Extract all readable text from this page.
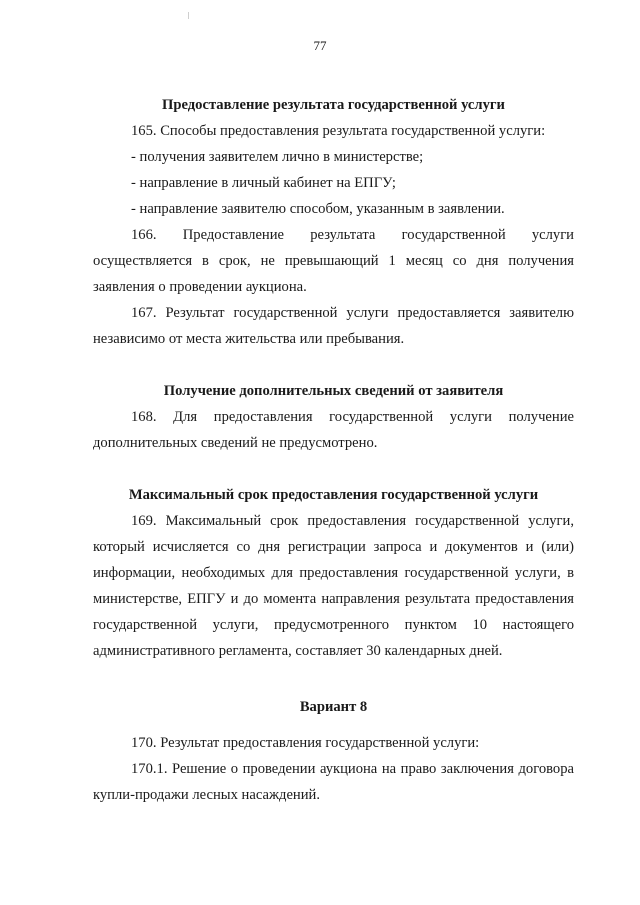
77

Предоставление результата государственной услуги

165. Способы предоставления результата государственной услуги:

- получения заявителем лично в министерстве;

- направление в личный кабинет на ЕПГУ;

- направление заявителю способом, указанным в заявлении.

166. Предоставление результата государственной услуги осуществляется в срок, не превышающий 1 месяц со дня получения заявления о проведении аукциона.

167. Результат государственной услуги предоставляется заявителю независимо от места жительства или пребывания.

Получение дополнительных сведений от заявителя

168. Для предоставления государственной услуги получение дополнительных сведений не предусмотрено.

Максимальный срок предоставления государственной услуги

169. Максимальный срок предоставления государственной услуги, который исчисляется со дня регистрации запроса и документов и (или) информации, необходимых для предоставления государственной услуги, в министерстве, ЕПГУ и до момента направления результата предоставления государственной услуги, предусмотренного пунктом 10 настоящего административного регламента, составляет 30 календарных дней.

Вариант 8

170. Результат предоставления государственной услуги:

170.1. Решение о проведении аукциона на право заключения договора купли-продажи лесных насаждений.
